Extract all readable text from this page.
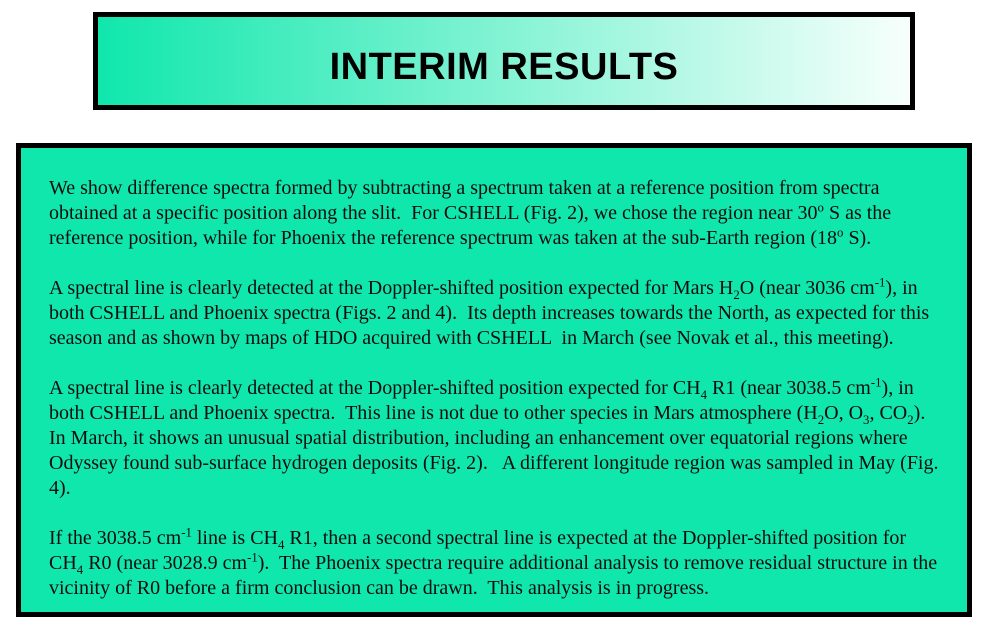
INTERIM RESULTS

We show difference spectra formed by subtracting a spectrum taken at a reference position from spectra obtained at a specific position along the slit.  For CSHELL (Fig. 2), we chose the region near 30$^o$ S as the reference position, while for Phoenix the reference spectrum was taken at the sub-Earth region (18$^o$ S).

A spectral line is clearly detected at the Doppler-shifted position expected for Mars $H_2O$ (near 3036 $cm^{-1}$), in both CSHELL and Phoenix spectra (Figs. 2 and 4).  Its depth increases towards the North, as expected for this season and as shown by maps of HDO acquired with CSHELL  in March (see Novak et al., this meeting).

A spectral line is clearly detected at the Doppler-shifted position expected for $CH_4$ R1 (near 3038.5 $cm^{-1}$), in both CSHELL and Phoenix spectra.  This line is not due to other species in Mars atmosphere ($H_2O$, $O_3$, $CO_2$). In March, it shows an unusual spatial distribution, including an enhancement over equatorial regions where Odyssey found sub-surface hydrogen deposits (Fig. 2).   A different longitude region was sampled in May (Fig. 4).

If the 3038.5 $cm^{-1}$ line is $CH_4$ R1, then a second spectral line is expected at the Doppler-shifted position for $CH_4$ R0 (near 3028.9 $cm^{-1}$).  The Phoenix spectra require additional analysis to remove residual structure in the vicinity of R0 before a firm conclusion can be drawn.  This analysis is in progress.
